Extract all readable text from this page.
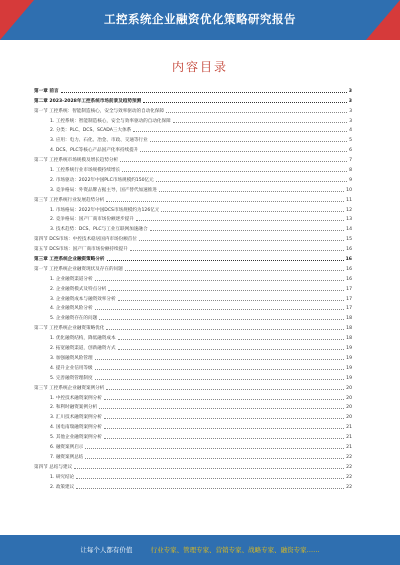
工控系统企业融资优化策略研究报告
内容目录
第一章 前言	3
第二章 2023-2028年工控系统市场前景及趋势预测	3
第一节 工控系统：智能制造核心，安全与效率驱动的自动化保障	3
1. 工控系统：智能制造核心，安全与效率驱动的自动化保障	3
2. 分类：PLC、DCS、SCADA三大体系	4
3. 应用：电力、石化、冶金、市政、交通等行业	5
4. DCS、PLC等核心产品国产化率持续提升	6
第二节 工控系统市场规模及增长趋势分析	7
1. 工控系统行业市场规模持续增长	8
2. 市场驱动：2022年中国PLC市场规模约150亿元	9
3. 竞争格局：外资品牌占据主导，国产替代加速推进	10
第三节 工控系统行业发展趋势分析	11
1. 市场格局：2022年中国DCS市场规模约为126亿元	12
2. 竞争格局：国产厂商市场份额逐步提升	13
3. 技术趋势：DCS、PLC与工业互联网加速融合	14
第四节 DCS市场：中控技术稳居国内市场份额首位	15
第五节 DCS市场：国产厂商市场份额持续提升	16
第三章 工控系统企业融资策略分析	16
第一节 工控系统企业融资现状及存在的问题	16
1. 企业融资渠道分析	16
2. 企业融资模式及特点分析	17
3. 企业融资成本与融资效率分析	17
4. 企业融资风险分析	17
5. 企业融资存在的问题	18
第二节 工控系统企业融资策略优化	18
1. 优化融资结构，降低融资成本	18
2. 拓宽融资渠道，创新融资方式	19
3. 加强融资风险管理	19
4. 提升企业信用等级	19
5. 完善融资管理制度	19
第三节 工控系统企业融资案例分析	20
1. 中控技术融资案例分析	20
2. 和利时融资案例分析	20
3. 汇川技术融资案例分析	20
4. 国电南瑞融资案例分析	21
5. 其他企业融资案例分析	21
6. 融资案例启示	21
7. 融资案例总结	22
第四节 总结与建议	22
1. 研究结论	22
2. 政策建议	22
让每个人都有价值	行业专家、管理专家、营销专家、战略专家、融资专家……
